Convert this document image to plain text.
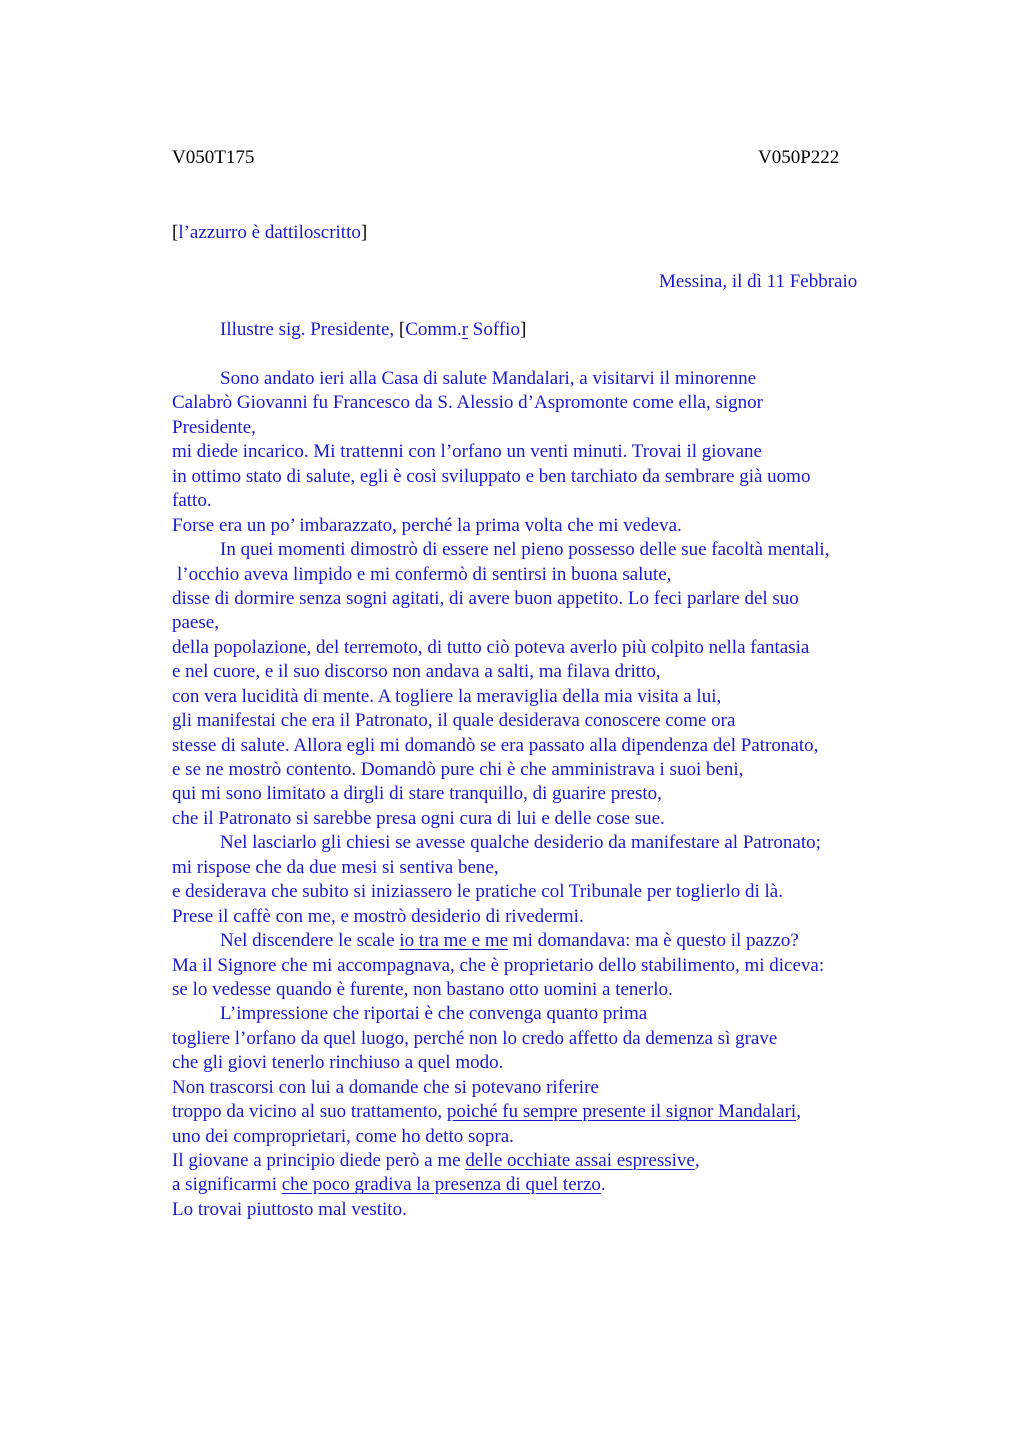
V050T175	V050P222
[l’azzurro è dattiloscritto]
Messina, il dì 11 Febbraio
Illustre sig. Presidente, [Comm.r Soffio]
Sono andato ieri alla Casa di salute Mandalari, a visitarvi il minorenne
Calabrò Giovanni fu Francesco da S. Alessio d’Aspromonte come ella, signor
Presidente,
mi diede incarico. Mi trattenni con l’orfano un venti minuti. Trovai il giovane
in ottimo stato di salute, egli è così sviluppato e ben tarchiato da sembrare già uomo
fatto.
Forse era un po’ imbarazzato, perché la prima volta che mi vedeva.
In quei momenti dimostrò di essere nel pieno possesso delle sue facoltà mentali,
l’occhio aveva limpido e mi confermò di sentirsi in buona salute,
disse di dormire senza sogni agitati, di avere buon appetito. Lo feci parlare del suo
paese,
della popolazione, del terremoto, di tutto ciò poteva averlo più colpito nella fantasia
e nel cuore, e il suo discorso non andava a salti, ma filava dritto,
con vera lucidità di mente. A togliere la meraviglia della mia visita a lui,
gli manifestai che era il Patronato, il quale desiderava conoscere come ora
stesse di salute. Allora egli mi domandò se era passato alla dipendenza del Patronato,
e se ne mostrò contento. Domandò pure chi è che amministrava i suoi beni,
qui mi sono limitato a dirgli di stare tranquillo, di guarire presto,
che il Patronato si sarebbe presa ogni cura di lui e delle cose sue.
Nel lasciarlo gli chiesi se avesse qualche desiderio da manifestare al Patronato;
mi rispose che da due mesi si sentiva bene,
e desiderava che subito si iniziassero le pratiche col Tribunale per toglierlo di là.
Prese il caffè con me, e mostrò desiderio di rivedermi.
Nel discendere le scale io tra me e me mi domandava: ma è questo il pazzo?
Ma il Signore che mi accompagnava, che è proprietario dello stabilimento, mi diceva:
se lo vedesse quando è furente, non bastano otto uomini a tenerlo.
L’impressione che riportai è che convenga quanto prima
togliere l’orfano da quel luogo, perché non lo credo affetto da demenza sì grave
che gli giovi tenerlo rinchiuso a quel modo.
Non trascorsi con lui a domande che si potevano riferire
troppo da vicino al suo trattamento, poiché fu sempre presente il signor Mandalari,
uno dei comproprietari, come ho detto sopra.
Il giovane a principio diede però a me delle occhiate assai espressive,
a significarmi che poco gradiva la presenza di quel terzo.
Lo trovai piuttosto mal vestito.
